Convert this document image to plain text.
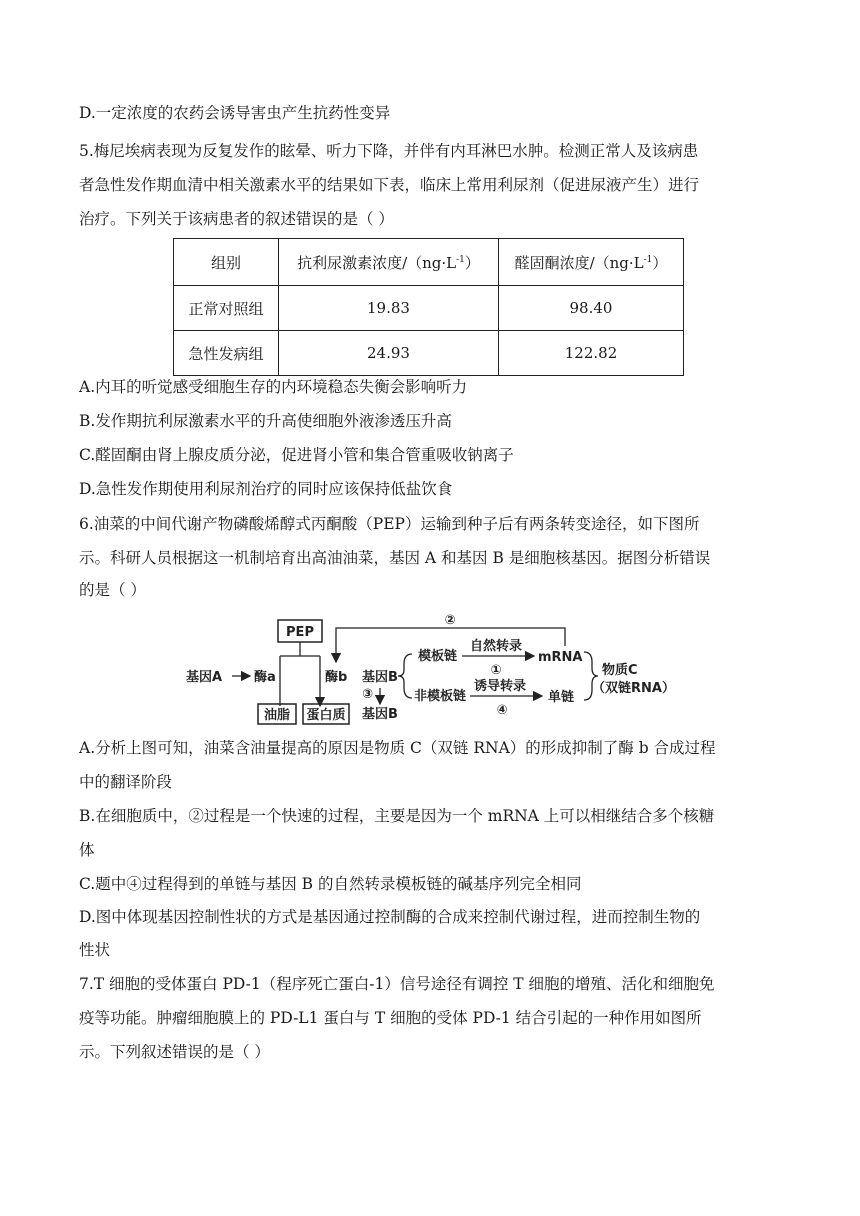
D.一定浓度的农药会诱导害虫产生抗药性变异
5.梅尼埃病表现为反复发作的眩晕、听力下降，并伴有内耳淋巴水肿。检测正常人及该病患
者急性发作期血清中相关激素水平的结果如下表，临床上常用利尿剂（促进尿液产生）进行
治疗。下列关于该病患者的叙述错误的是（ ）
组别	抗利尿激素浓度$/(ng\cdot L^{-1})$	醛固酮浓度$/(ng\cdot L^{-1})$
正常对照组	19.83	98.40
急性发病组	24.93	122.82
A.内耳的听觉感受细胞生存的内环境稳态失衡会影响听力
B.发作期抗利尿激素水平的升高使细胞外液渗透压升高
C.醛固酮由肾上腺皮质分泌，促进肾小管和集合管重吸收钠离子
D.急性发作期使用利尿剂治疗的同时应该保持低盐饮食
6.油菜的中间代谢产物磷酸烯醇式丙酮酸（PEP）运输到种子后有两条转变途径，如下图所
示。科研人员根据这一机制培育出高油油菜，基因 A 和基因 B 是细胞核基因。据图分析错误
的是（ ）
PEP
油脂 蛋白质
基因A 酶a	酶b
②
基因B
③
基因B
模板链
自然转录
①
mRNA
非模板链
诱导转录
④
单链
物质C
（双链RNA）
A.分析上图可知，油菜含油量提高的原因是物质 C（双链 RNA）的形成抑制了酶 b 合成过程
中的翻译阶段
B.在细胞质中，②过程是一个快速的过程，主要是因为一个 mRNA 上可以相继结合多个核糖
体
C.题中④过程得到的单链与基因 B 的自然转录模板链的碱基序列完全相同
D.图中体现基因控制性状的方式是基因通过控制酶的合成来控制代谢过程，进而控制生物的
性状
7.T 细胞的受体蛋白 PD-1（程序死亡蛋白-1）信号途径有调控 T 细胞的增殖、活化和细胞免
疫等功能。肿瘤细胞膜上的 PD-L1 蛋白与 T 细胞的受体 PD-1 结合引起的一种作用如图所
示。下列叙述错误的是（ ）
